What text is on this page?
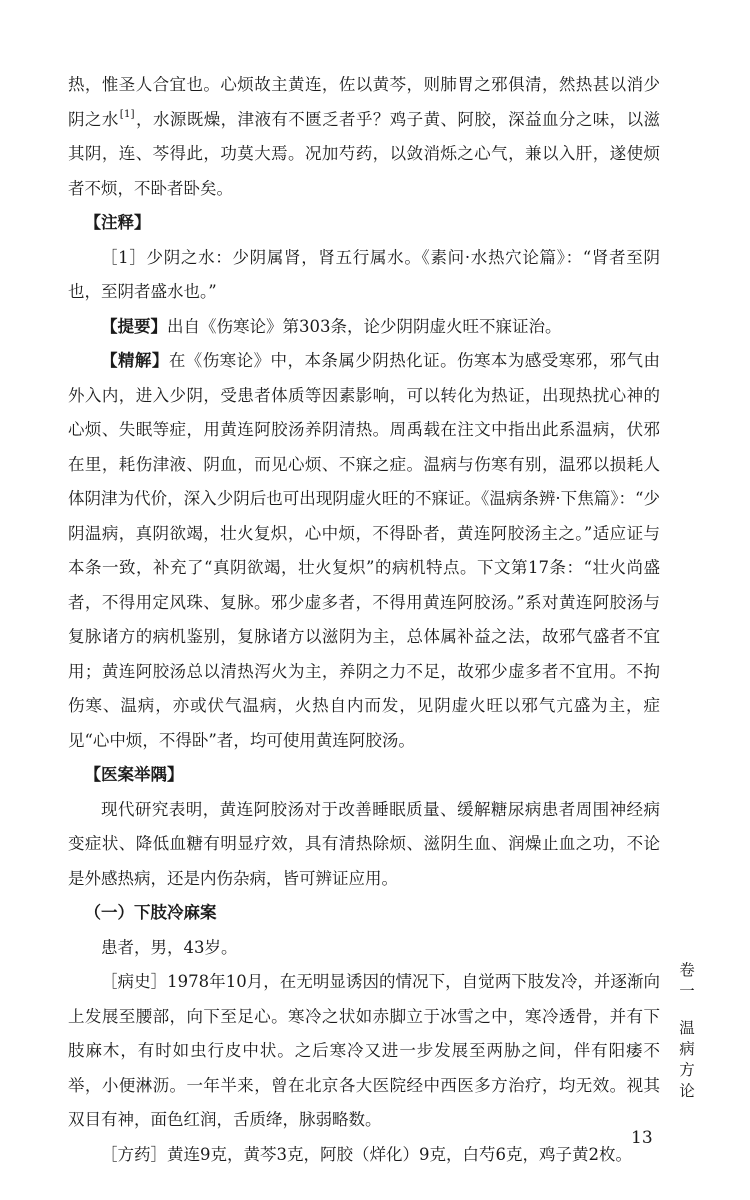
热，惟圣人合宜也。心烦故主黄连，佐以黄芩，则肺胃之邪俱清，然热甚以消少阴之水[1]，水源既燥，津液有不匮乏者乎？鸡子黄、阿胶，深益血分之味，以滋其阴，连、芩得此，功莫大焉。况加芍药，以敛消烁之心气，兼以入肝，遂使烦者不烦，不卧者卧矣。

【注释】

［1］少阴之水：少阴属肾，肾五行属水。《素问·水热穴论篇》：“肾者至阴也，至阴者盛水也。”

【提要】出自《伤寒论》第303条，论少阴阴虚火旺不寐证治。

【精解】在《伤寒论》中，本条属少阴热化证。伤寒本为感受寒邪，邪气由外入内，进入少阴，受患者体质等因素影响，可以转化为热证，出现热扰心神的心烦、失眠等症，用黄连阿胶汤养阴清热。周禹载在注文中指出此系温病，伏邪在里，耗伤津液、阴血，而见心烦、不寐之症。温病与伤寒有别，温邪以损耗人体阴津为代价，深入少阴后也可出现阴虚火旺的不寐证。《温病条辨·下焦篇》：“少阴温病，真阴欲竭，壮火复炽，心中烦，不得卧者，黄连阿胶汤主之。”适应证与本条一致，补充了“真阴欲竭，壮火复炽”的病机特点。下文第17条：“壮火尚盛者，不得用定风珠、复脉。邪少虚多者，不得用黄连阿胶汤。”系对黄连阿胶汤与复脉诸方的病机鉴别，复脉诸方以滋阴为主，总体属补益之法，故邪气盛者不宜用；黄连阿胶汤总以清热泻火为主，养阴之力不足，故邪少虚多者不宜用。不拘伤寒、温病，亦或伏气温病，火热自内而发，见阴虚火旺以邪气亢盛为主，症见“心中烦，不得卧”者，均可使用黄连阿胶汤。

【医案举隅】

现代研究表明，黄连阿胶汤对于改善睡眠质量、缓解糖尿病患者周围神经病变症状、降低血糖有明显疗效，具有清热除烦、滋阴生血、润燥止血之功，不论是外感热病，还是内伤杂病，皆可辨证应用。

（一）下肢冷麻案

患者，男，43岁。

［病史］1978年10月，在无明显诱因的情况下，自觉两下肢发冷，并逐渐向上发展至腰部，向下至足心。寒冷之状如赤脚立于冰雪之中，寒冷透骨，并有下肢麻木，有时如虫行皮中状。之后寒冷又进一步发展至两胁之间，伴有阳痿不举，小便淋沥。一年半来，曾在北京各大医院经中西医多方治疗，均无效。视其双目有神，面色红润，舌质绛，脉弱略数。

［方药］黄连9克，黄芩3克，阿胶（烊化）9克，白芍6克，鸡子黄2枚。

卷
一
温
病
方
论
13
